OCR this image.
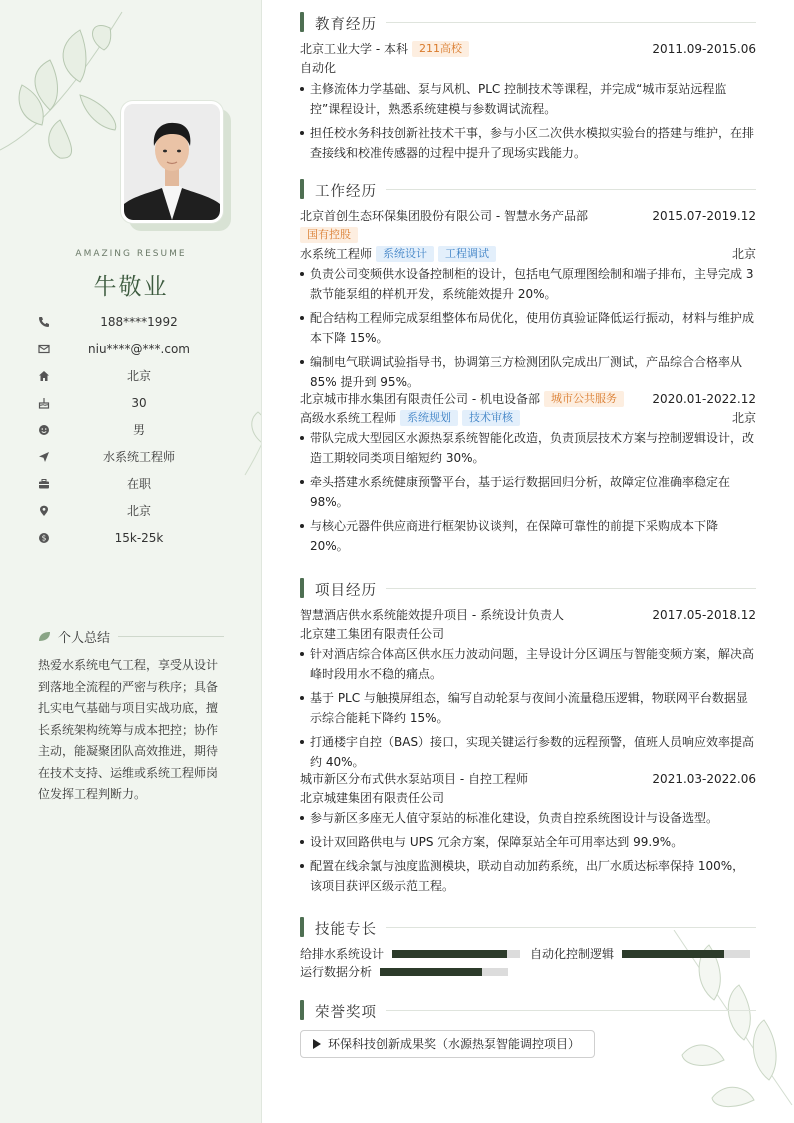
AMAZING RESUME
牛敬业
188****1992
niu****@***.com
北京
30
男
水系统工程师
在职
北京
$	15k-25k
个人总结
热爱水系统电气工程，享受从设计到落地全流程的严密与秩序；具备扎实电气基础与项目实战功底，擅长系统架构统筹与成本把控；协作主动，能凝聚团队高效推进，期待在技术支持、运维或系统工程师岗位发挥工程判断力。
教育经历
北京工业大学 - 本科 211高校	2011.09-2015.06
自动化
主修流体力学基础、泵与风机、PLC 控制技术等课程，并完成“城市泵站远程监控”课程设计，熟悉系统建模与参数调试流程。
担任校水务科技创新社技术干事，参与小区二次供水模拟实验台的搭建与维护，在排查接线和校准传感器的过程中提升了现场实践能力。
工作经历
北京首创生态环保集团股份有限公司 - 智慧水务产品部	2015.07-2019.12
国有控股
水系统工程师 系统设计 工程调试	北京
负责公司变频供水设备控制柜的设计，包括电气原理图绘制和端子排布，主导完成 3 款节能泵组的样机开发，系统能效提升 20%。
配合结构工程师完成泵组整体布局优化，使用仿真验证降低运行振动，材料与维护成本下降 15%。
编制电气联调试验指导书，协调第三方检测团队完成出厂测试，产品综合合格率从 85% 提升到 95%。
北京城市排水集团有限责任公司 - 机电设备部 城市公共服务	2020.01-2022.12
高级水系统工程师 系统规划 技术审核	北京
带队完成大型园区水源热泵系统智能化改造，负责顶层技术方案与控制逻辑设计，改造工期较同类项目缩短约 30%。
牵头搭建水系统健康预警平台，基于运行数据回归分析，故障定位准确率稳定在 98%。
与核心元器件供应商进行框架协议谈判，在保障可靠性的前提下采购成本下降 20%。
项目经历
智慧酒店供水系统能效提升项目 - 系统设计负责人	2017.05-2018.12
北京建工集团有限责任公司
针对酒店综合体高区供水压力波动问题，主导设计分区调压与智能变频方案，解决高峰时段用水不稳的痛点。
基于 PLC 与触摸屏组态，编写自动轮泵与夜间小流量稳压逻辑，物联网平台数据显示综合能耗下降约 15%。
打通楼宇自控（BAS）接口，实现关键运行参数的远程预警，值班人员响应效率提高约 40%。
城市新区分布式供水泵站项目 - 自控工程师	2021.03-2022.06
北京城建集团有限责任公司
参与新区多座无人值守泵站的标准化建设，负责自控系统图设计与设备选型。
设计双回路供电与 UPS 冗余方案，保障泵站全年可用率达到 99.9%。
配置在线余氯与浊度监测模块，联动自动加药系统，出厂水质达标率保持 100%，该项目获评区级示范工程。
技能专长
给排水系统设计	自动化控制逻辑
运行数据分析
荣誉奖项
环保科技创新成果奖（水源热泵智能调控项目）
